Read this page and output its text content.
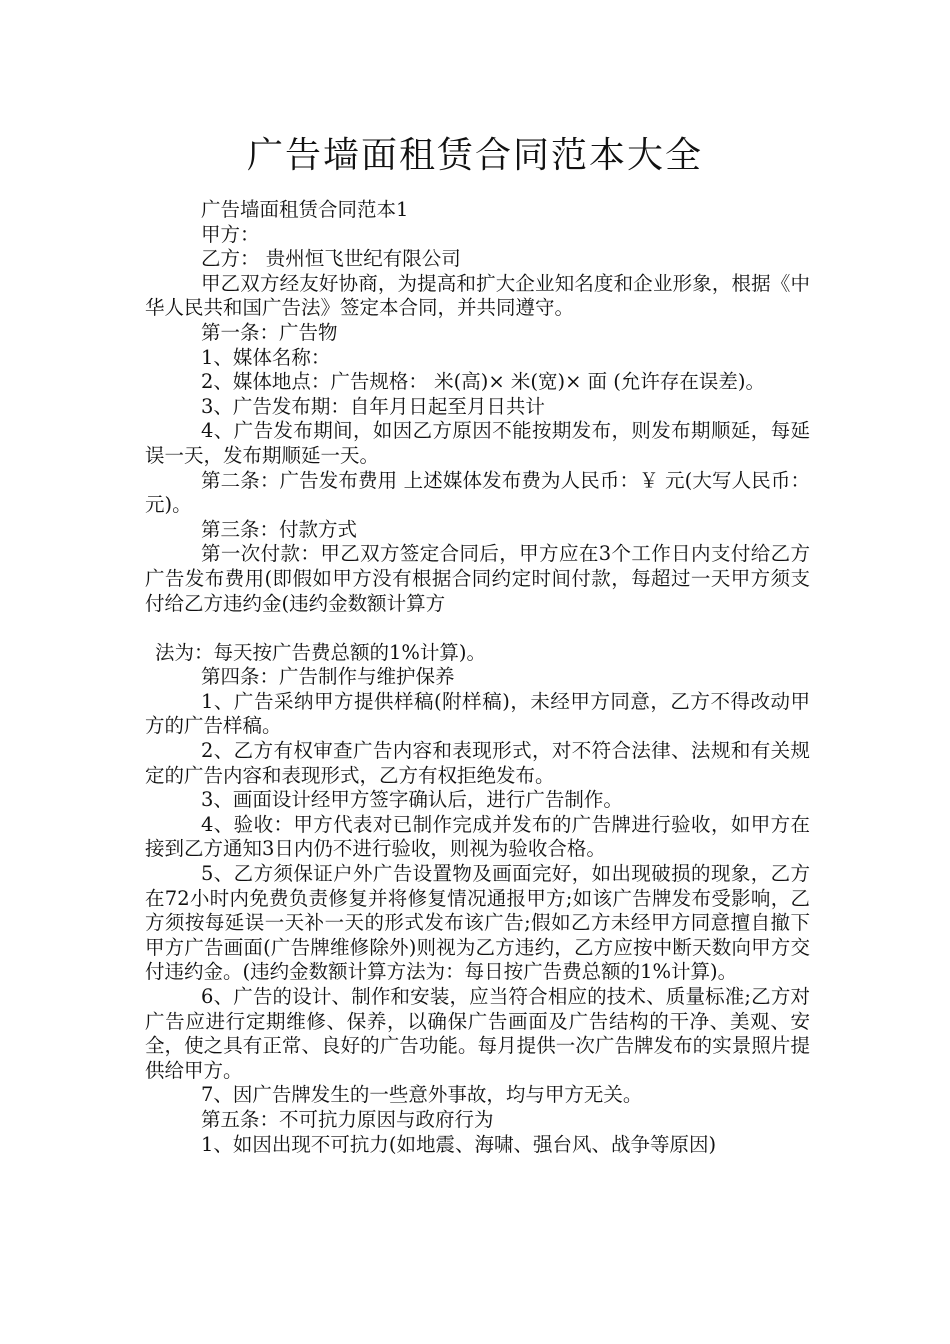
广告墙面租赁合同范本大全

广告墙面租赁合同范本1

甲方：

乙方： 贵州恒飞世纪有限公司

甲乙双方经友好协商，为提高和扩大企业知名度和企业形象，根据《中华人民共和国广告法》签定本合同，并共同遵守。

第一条：广告物

1、媒体名称：

2、媒体地点：广告规格： 米(高)× 米(宽)× 面 (允许存在误差)。

3、广告发布期：自年月日起至月日共计

4、广告发布期间，如因乙方原因不能按期发布，则发布期顺延，每延误一天，发布期顺延一天。

第二条：广告发布费用 上述媒体发布费为人民币：￥ 元(大写人民币： 元)。

第三条：付款方式

第一次付款：甲乙双方签定合同后，甲方应在3个工作日内支付给乙方广告发布费用(即假如甲方没有根据合同约定时间付款，每超过一天甲方须支付给乙方违约金(违约金数额计算方

法为：每天按广告费总额的1%计算)。

第四条：广告制作与维护保养

1、广告采纳甲方提供样稿(附样稿)，未经甲方同意，乙方不得改动甲方的广告样稿。

2、乙方有权审查广告内容和表现形式，对不符合法律、法规和有关规定的广告内容和表现形式，乙方有权拒绝发布。

3、画面设计经甲方签字确认后，进行广告制作。

4、验收：甲方代表对已制作完成并发布的广告牌进行验收，如甲方在接到乙方通知3日内仍不进行验收，则视为验收合格。

5、乙方须保证户外广告设置物及画面完好，如出现破损的现象，乙方在72小时内免费负责修复并将修复情况通报甲方;如该广告牌发布受影响，乙方须按每延误一天补一天的形式发布该广告;假如乙方未经甲方同意擅自撤下甲方广告画面(广告牌维修除外)则视为乙方违约，乙方应按中断天数向甲方交付违约金。(违约金数额计算方法为：每日按广告费总额的1%计算)。

6、广告的设计、制作和安装，应当符合相应的技术、质量标准;乙方对广告应进行定期维修、保养，以确保广告画面及广告结构的干净、美观、安全，使之具有正常、良好的广告功能。每月提供一次广告牌发布的实景照片提供给甲方。

7、因广告牌发生的一些意外事故，均与甲方无关。

第五条：不可抗力原因与政府行为

1、如因出现不可抗力(如地震、海啸、强台风、战争等原因)
